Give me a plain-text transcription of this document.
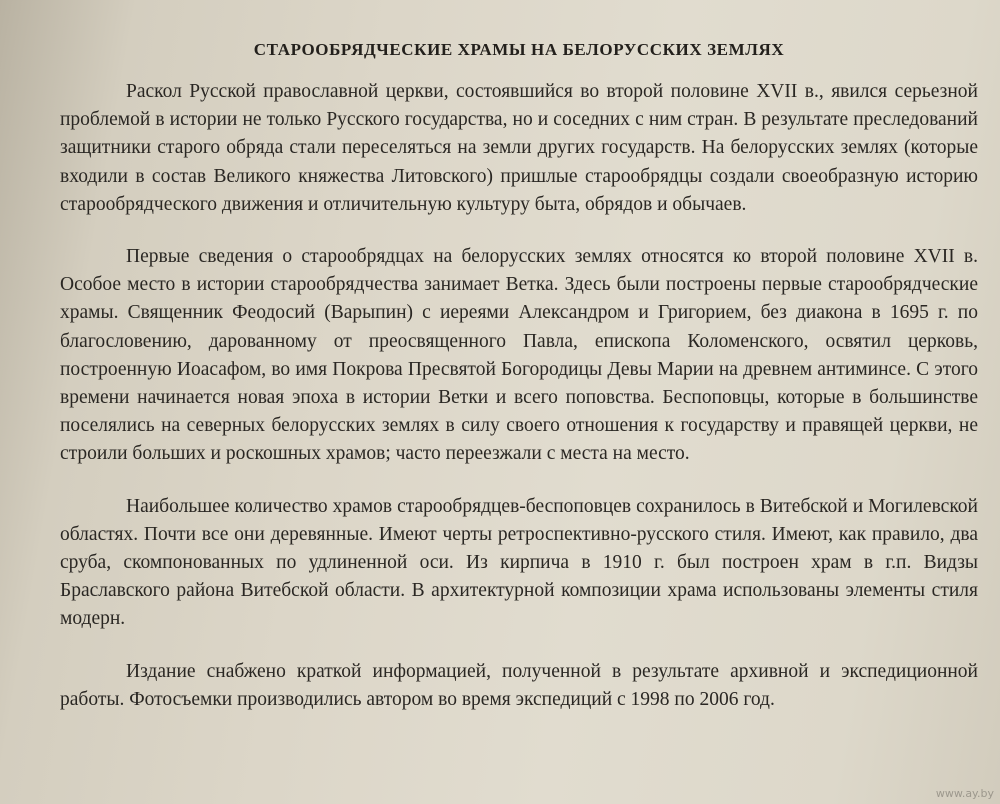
СТАРООБРЯДЧЕСКИЕ ХРАМЫ НА БЕЛОРУССКИХ ЗЕМЛЯХ

Раскол Русской православной церкви, состоявшийся во второй половине XVII в., явился серьезной проблемой в истории не только Русского государства, но и соседних с ним стран. В результате преследований защитники старого обряда стали переселяться на земли других государств. На белорусских землях (которые входили в состав Великого княжества Литовского) пришлые старообрядцы создали своеобразную историю старообрядческого движения и отличительную культуру быта, обрядов и обычаев.

Первые сведения о старообрядцах на белорусских землях относятся ко второй половине XVII в. Особое место в истории старообрядчества занимает Ветка. Здесь были построены первые старообрядческие храмы. Священник Феодосий (Варыпин) с иереями Александром и Григорием, без диакона в 1695 г. по благословению, дарованному от преосвященного Павла, епископа Коломенского, освятил церковь, построенную Иоасафом, во имя Покрова Пресвятой Богородицы Девы Марии на древнем антиминсе. С этого времени начинается новая эпоха в истории Ветки и всего поповства. Беспоповцы, которые в большинстве поселялись на северных белорусских землях в силу своего отношения к государству и правящей церкви, не строили больших и роскошных храмов; часто переезжали с места на место.

Наибольшее количество храмов старообрядцев-беспоповцев сохранилось в Витебской и Могилевской областях. Почти все они деревянные. Имеют черты ретроспективно-русского стиля. Имеют, как правило, два сруба, скомпонованных по удлиненной оси. Из кирпича в 1910 г. был построен храм в г.п. Видзы Браславского района Витебской области. В архитектурной композиции храма использованы элементы стиля модерн.

Издание снабжено краткой информацией, полученной в результате архивной и экспедиционной работы. Фотосъемки производились автором во время экспедиций с 1998 по 2006 год.

www.ay.by
